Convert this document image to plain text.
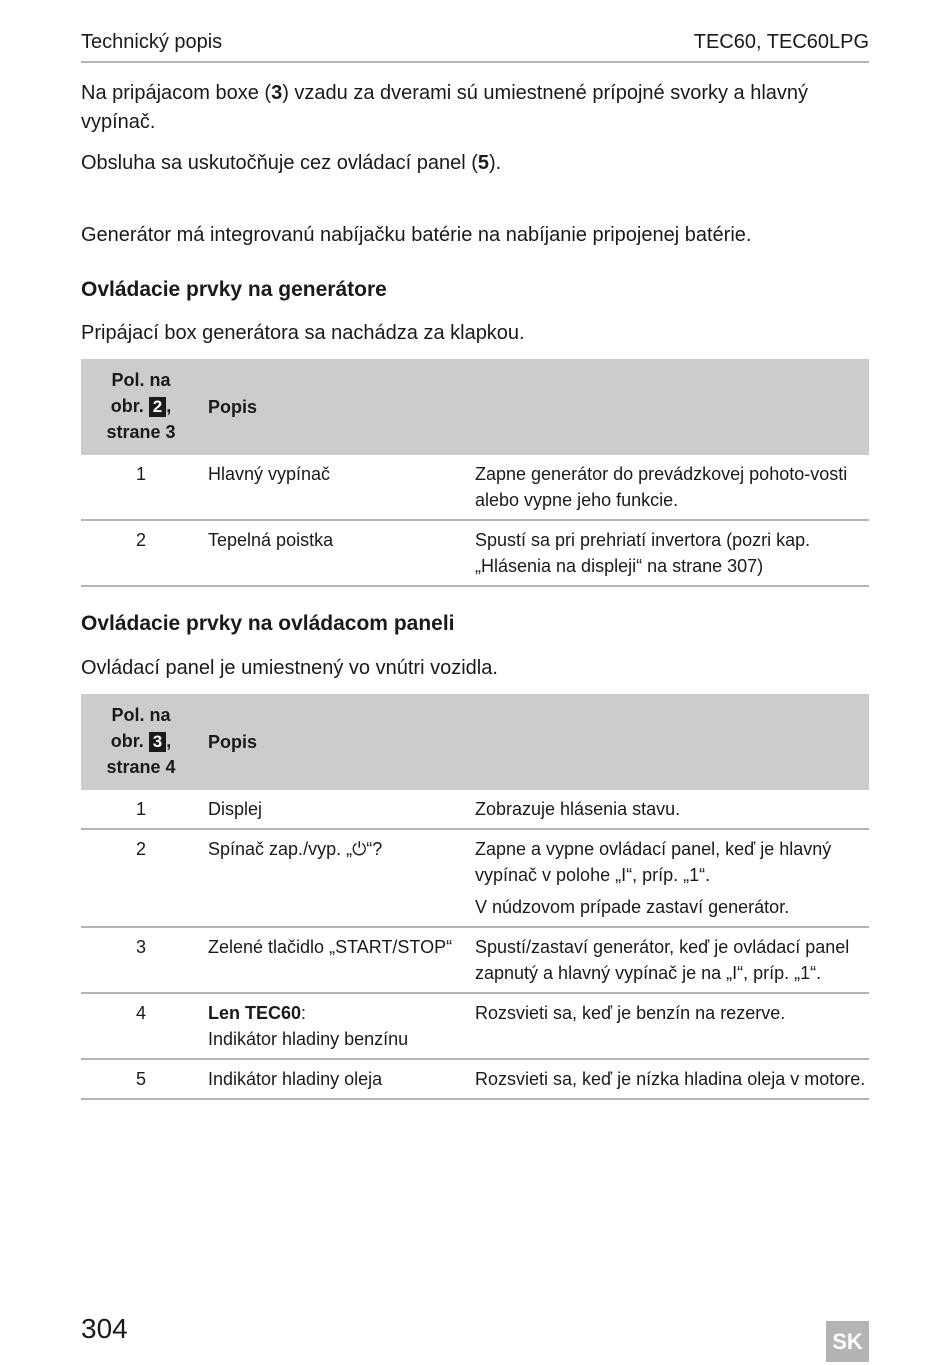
Technický popis	TEC60, TEC60LPG

Na pripájacom boxe (3) vzadu za dverami sú umiestnené prípojné svorky a hlavný vypínač.

Obsluha sa uskutočňuje cez ovládací panel (5).

Generátor má integrovanú nabíjačku batérie na nabíjanie pripojenej batérie.

Ovládacie prvky na generátore

Pripájací box generátora sa nachádza za klapkou.

Pol. na
obr. 2 ,
strane 3	Popis	
1	Hlavný vypínač	Zapne generátor do prevádzkovej pohoto-vosti alebo vypne jeho funkcie.
2	Tepelná poistka	Spustí sa pri prehriatí invertora (pozri kap. „Hlásenia na displeji“ na strane 307)
Ovládacie prvky na ovládacom paneli

Ovládací panel je umiestnený vo vnútri vozidla.

Pol. na
obr. 3 ,
strane 4	Popis	
1	Displej	Zobrazuje hlásenia stavu.
2	Spínač zap./vyp. „⏻“?	Zapne a vypne ovládací panel, keď je hlavný vypínač v polohe „I“, príp. „1“.
V núdzovom prípade zastaví generátor.

3	Zelené tlačidlo „START/STOP“	Spustí/zastaví generátor, keď je ovládací panel zapnutý a hlavný vypínač je na „I“, príp. „1“.
4	Len TEC60:
Indikátor hladiny benzínu	Rozsvieti sa, keď je benzín na rezerve.
5	Indikátor hladiny oleja	Rozsvieti sa, keď je nízka hladina oleja v motore.
304	SK
